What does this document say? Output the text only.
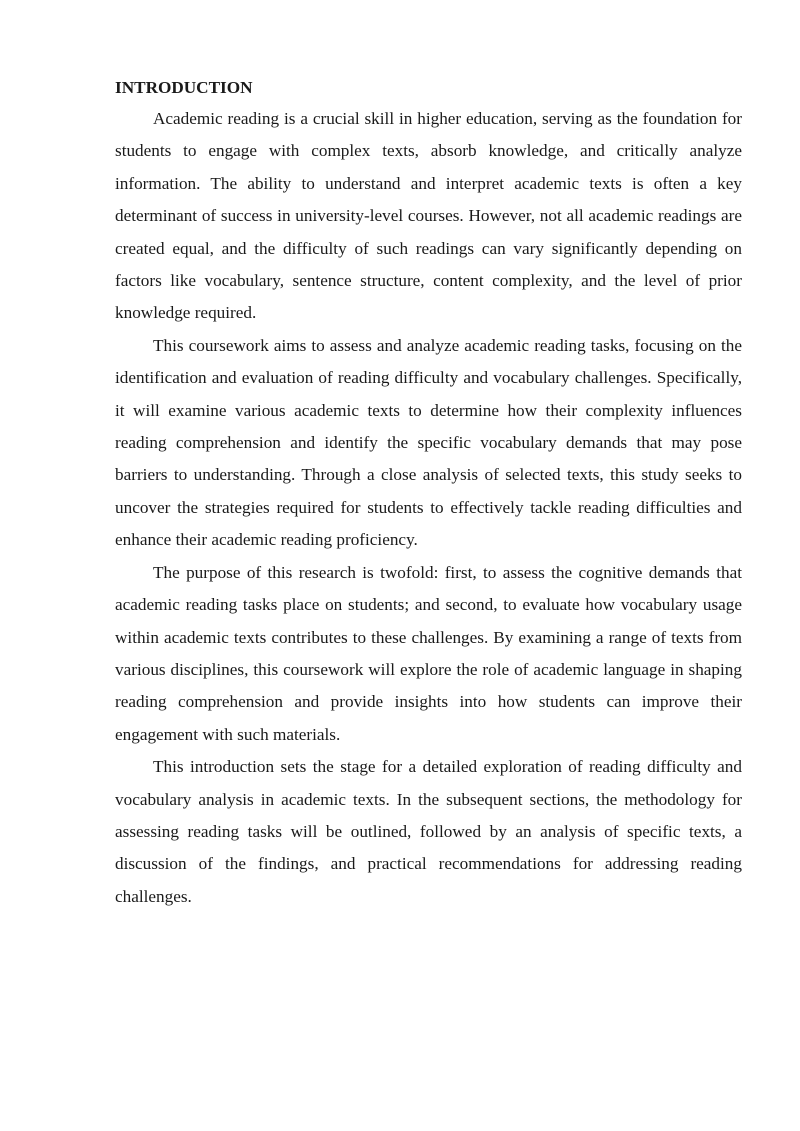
INTRODUCTION

Academic reading is a crucial skill in higher education, serving as the foundation for students to engage with complex texts, absorb knowledge, and critically analyze information. The ability to understand and interpret academic texts is often a key determinant of success in university-level courses. However, not all academic readings are created equal, and the difficulty of such readings can vary significantly depending on factors like vocabulary, sentence structure, content complexity, and the level of prior knowledge required.

This coursework aims to assess and analyze academic reading tasks, focusing on the identification and evaluation of reading difficulty and vocabulary challenges. Specifically, it will examine various academic texts to determine how their complexity influences reading comprehension and identify the specific vocabulary demands that may pose barriers to understanding. Through a close analysis of selected texts, this study seeks to uncover the strategies required for students to effectively tackle reading difficulties and enhance their academic reading proficiency.

The purpose of this research is twofold: first, to assess the cognitive demands that academic reading tasks place on students; and second, to evaluate how vocabulary usage within academic texts contributes to these challenges. By examining a range of texts from various disciplines, this coursework will explore the role of academic language in shaping reading comprehension and provide insights into how students can improve their engagement with such materials.

This introduction sets the stage for a detailed exploration of reading difficulty and vocabulary analysis in academic texts. In the subsequent sections, the methodology for assessing reading tasks will be outlined, followed by an analysis of specific texts, a discussion of the findings, and practical recommendations for addressing reading challenges.
